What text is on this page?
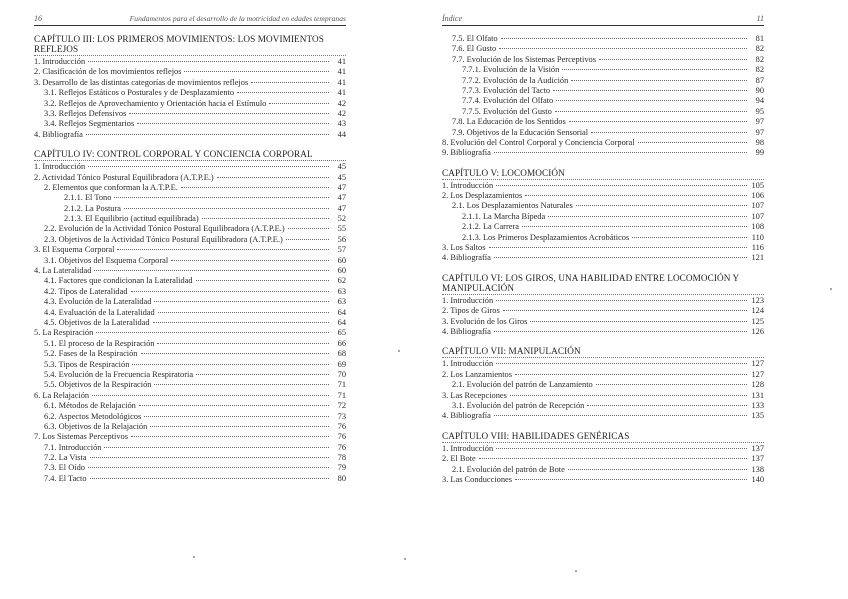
16	Fundamentos para el desarrollo de la motricidad en edades tempranas
CAPÍTULO III: LOS PRIMEROS MOVIMIENTOS: LOS MOVIMIENTOS REFLEJOS
1. Introducción	41
2. Clasificación de los movimientos reflejos	41
3. Desarrollo de las distintas categorías de movimientos reflejos	41
3.1. Reflejos Estáticos o Posturales y de Desplazamiento	41
3.2. Reflejos de Aprovechamiento y Orientación hacia el Estímulo	42
3.3. Reflejos Defensivos	42
3.4. Reflejos Segmentarios	43
4. Bibliografía	44
CAPÍTULO IV: CONTROL CORPORAL Y CONCIENCIA CORPORAL
1. Introducción	45
2. Actividad Tónico Postural Equilibradora (A.T.P.E.)	45
2. Elementos que conforman la A.T.P.E.	47
2.1.1. El Tono	47
2.1.2. La Postura	47
2.1.3. El Equilibrio (actitud equilibrada)	52
2.2. Evolución de la Actividad Tónico Postural Equilibradora (A.T.P.E.)	55
2.3. Objetivos de la Actividad Tónico Postural Equilibradora (A.T.P.E.)	56
3. El Esquema Corporal	57
3.1. Objetivos del Esquema Corporal	60
4. La Lateralidad	60
4.1. Factores que condicionan la Lateralidad	62
4.2. Tipos de Lateralidad	63
4.3. Evolución de la Lateralidad	63
4.4. Evaluación de la Lateralidad	64
4.5. Objetivos de la Lateralidad	64
5. La Respiración	65
5.1. El proceso de la Respiración	66
5.2. Fases de la Respiración	68
5.3. Tipos de Respiración	69
5.4. Evolución de la Frecuencia Respiratoria	70
5.5. Objetivos de la Respiración	71
6. La Relajación	71
6.1. Métodos de Relajación	72
6.2. Aspectos Metodológicos	73
6.3. Objetivos de la Relajación	76
7. Los Sistemas Perceptivos	76
7.1. Introducción	76
7.2. La Vista	78
7.3. El Oído	79
7.4. El Tacto	80
Índice	11
7.5. El Olfato	81
7.6. El Gusto	82
7.7. Evolución de los Sistemas Perceptivos	82
7.7.1. Evolución de la Visión	82
7.7.2. Evolución de la Audición	87
7.7.3. Evolución del Tacto	90
7.7.4. Evolución del Olfato	94
7.7.5. Evolución del Gusto	95
7.8. La Educación de los Sentidos	97
7.9. Objetivos de la Educación Sensorial	97
8. Evolución del Control Corporal y Conciencia Corporal	98
9. Bibliografía	99
CAPÍTULO V: LOCOMOCIÓN
1. Introducción	105
2. Los Desplazamientos	106
2.1. Los Desplazamientos Naturales	107
2.1.1. La Marcha Bípeda	107
2.1.2. La Carrera	108
2.1.3. Los Primeros Desplazamientos Acrobáticos	110
3. Los Saltos	116
4. Bibliografía	121
CAPÍTULO VI: LOS GIROS, UNA HABILIDAD ENTRE LOCOMOCIÓN Y MANIPULACIÓN
1. Introducción	123
2. Tipos de Giros	124
3. Evolución de los Giros	125
4. Bibliografía	126
CAPÍTULO VII: MANIPULACIÓN
1. Introducción	127
2. Los Lanzamientos	127
2.1. Evolución del patrón de Lanzamiento	128
3. Las Recepciones	131
3.1. Evolución del patrón de Recepción	133
4. Bibliografía	135
CAPÍTULO VIII: HABILIDADES GENÉRICAS
1. Introducción	137
2. El Bote	137
2.1. Evolución del patrón de Bote	138
3. Las Conducciones	140
